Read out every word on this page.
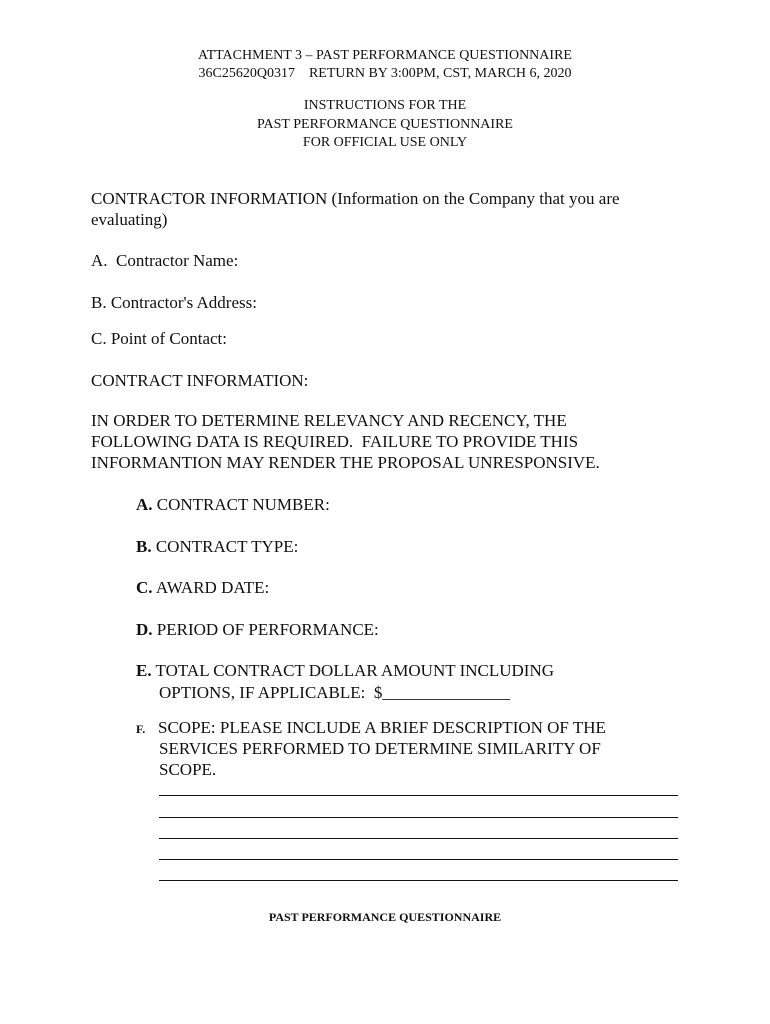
ATTACHMENT 3 – PAST PERFORMANCE QUESTIONNAIRE
36C25620Q0317    RETURN BY 3:00PM, CST, MARCH 6, 2020
INSTRUCTIONS FOR THE
PAST PERFORMANCE QUESTIONNAIRE
FOR OFFICIAL USE ONLY
CONTRACTOR INFORMATION (Information on the Company that you are
evaluating)
A.  Contractor Name:
B. Contractor's Address:
C. Point of Contact:
CONTRACT INFORMATION:
IN ORDER TO DETERMINE RELEVANCY AND RECENCY, THE
FOLLOWING DATA IS REQUIRED.  FAILURE TO PROVIDE THIS
INFORMANTION MAY RENDER THE PROPOSAL UNRESPONSIVE.
A. CONTRACT NUMBER:
B. CONTRACT TYPE:
C. AWARD DATE:
D. PERIOD OF PERFORMANCE:
E. TOTAL CONTRACT DOLLAR AMOUNT INCLUDING
OPTIONS, IF APPLICABLE:  $_______________
F. SCOPE: PLEASE INCLUDE A BRIEF DESCRIPTION OF THE
SERVICES PERFORMED TO DETERMINE SIMILARITY OF
SCOPE.
PAST PERFORMANCE QUESTIONNAIRE
